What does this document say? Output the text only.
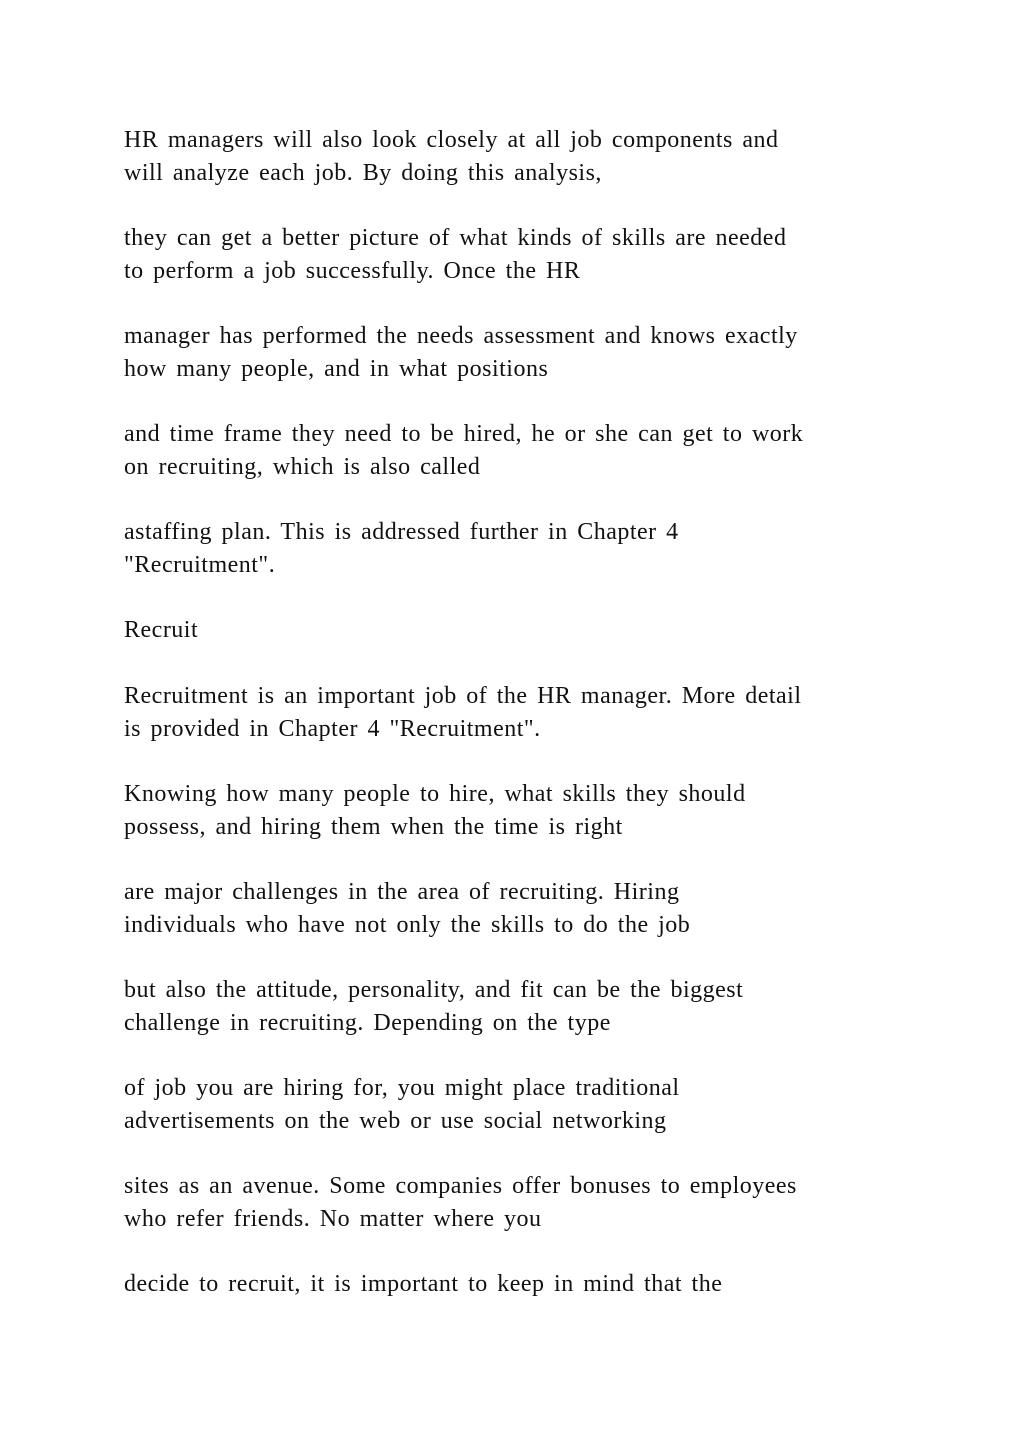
HR managers will also look closely at all job components and
will analyze each job. By doing this analysis,

they can get a better picture of what kinds of skills are needed
to perform a job successfully. Once the HR

manager has performed the needs assessment and knows exactly
how many people, and in what positions

and time frame they need to be hired, he or she can get to work
on recruiting, which is also called

astaffing plan. This is addressed further in Chapter 4
"Recruitment".

Recruit

Recruitment is an important job of the HR manager. More detail
is provided in Chapter 4 "Recruitment".

Knowing how many people to hire, what skills they should
possess, and hiring them when the time is right

are major challenges in the area of recruiting. Hiring
individuals who have not only the skills to do the job

but also the attitude, personality, and fit can be the biggest
challenge in recruiting. Depending on the type

of job you are hiring for, you might place traditional
advertisements on the web or use social networking

sites as an avenue. Some companies offer bonuses to employees
who refer friends. No matter where you

decide to recruit, it is important to keep in mind that the
